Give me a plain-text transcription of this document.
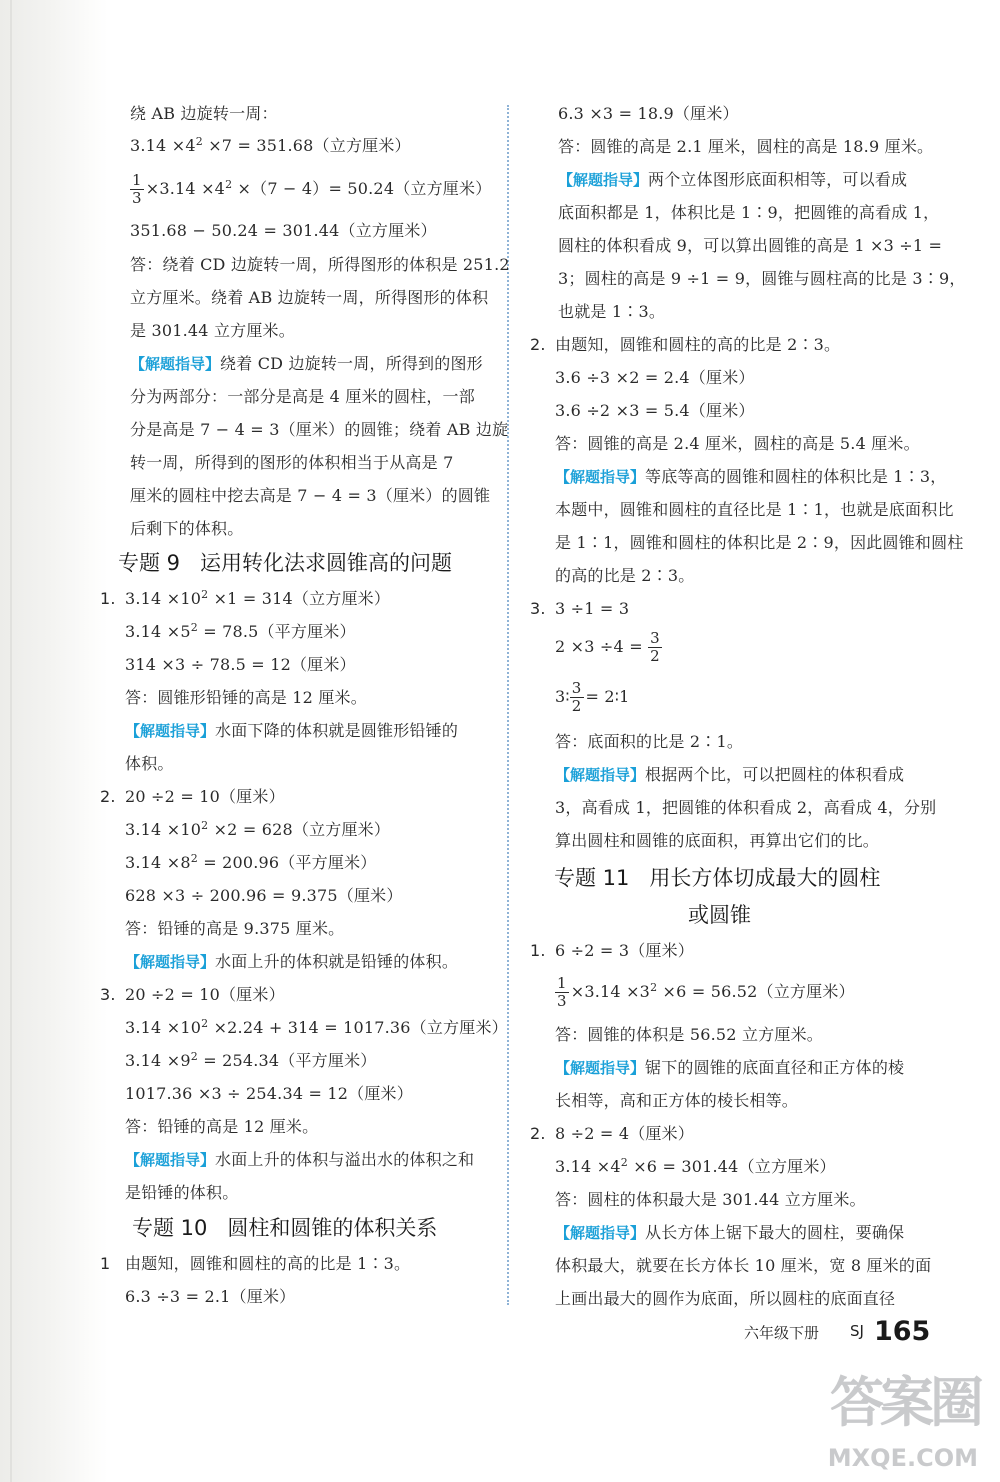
绕 AB 边旋转一周：
$3.14 \times 4^2 \times 7 = 351.68$（立方厘米）
$\frac{1}{3} \times 3.14 \times 4^2 \times(7 - 4)= 50.24$（立方厘米）
351.68 − 50.24 = 301.44（立方厘米）
答：绕着 CD 边旋转一周，所得图形的体积是 251.2
立方厘米。绕着 AB 边旋转一周，所得图形的体积
是 301.44 立方厘米。
【解题指导】绕着 CD 边旋转一周，所得到的图形
分为两部分：一部分是高是 4 厘米的圆柱，一部
分是高是 7 − 4 = 3（厘米）的圆锥；绕着 AB 边旋
转一周，所得到的图形的体积相当于从高是 7
厘米的圆柱中挖去高是 7 − 4 = 3（厘米）的圆锥
后剩下的体积。
专题 9 运用转化法求圆锥高的问题
1. $3.14 \times 10^2 \times 1 = 314$（立方厘米）
$3.14 \times 5^2 = 78.5$（平方厘米）
314 ×3 ÷ 78.5 = 12（厘米）
答：圆锥形铅锤的高是 12 厘米。
【解题指导】水面下降的体积就是圆锥形铅锤的
体积。
2. 20 ÷2 = 10（厘米）
$3.14 \times 10^2 \times 2 = 628$（立方厘米）
$3.14 \times 8^2 = 200.96$（平方厘米）
628 ×3 ÷ 200.96 = 9.375（厘米）
答：铅锤的高是 9.375 厘米。
【解题指导】水面上升的体积就是铅锤的体积。
3. 20 ÷2 = 10（厘米）
$3.14 \times 10^2 \times 2.24 + 314 = 1017.36$（立方厘米）
$3.14 \times 9^2 = 254.34$（平方厘米）
1017.36 ×3 ÷ 254.34 = 12（厘米）
答：铅锤的高是 12 厘米。
【解题指导】水面上升的体积与溢出水的体积之和
是铅锤的体积。
专题 10 圆柱和圆锥的体积关系
1 由题知，圆锥和圆柱的高的比是 1∶3。
6.3 ÷3 = 2.1（厘米）
6.3 ×3 = 18.9（厘米）
答：圆锥的高是 2.1 厘米，圆柱的高是 18.9 厘米。
【解题指导】两个立体图形底面积相等，可以看成
底面积都是 1，体积比是 1∶9，把圆锥的高看成 1，
圆柱的体积看成 9，可以算出圆锥的高是 1 ×3 ÷1 =
3；圆柱的高是 9 ÷1 = 9，圆锥与圆柱高的比是 3∶9，
也就是 1∶3。
2. 由题知，圆锥和圆柱的高的比是 2∶3。
3.6 ÷3 ×2 = 2.4（厘米）
3.6 ÷2 ×3 = 5.4（厘米）
答：圆锥的高是 2.4 厘米，圆柱的高是 5.4 厘米。
【解题指导】等底等高的圆锥和圆柱的体积比是 1∶3，
本题中，圆锥和圆柱的直径比是 1∶1，也就是底面积比
是 1∶1，圆锥和圆柱的体积比是 2∶9，因此圆锥和圆柱
的高的比是 2∶3。
3. 3 ÷1 = 3
$2 \times 3 \div 4 = \frac{3}{2}$
3∶ $\frac{3}{2}$ = 2∶1
答：底面积的比是 2∶1。
【解题指导】根据两个比，可以把圆柱的体积看成
3，高看成 1，把圆锥的体积看成 2，高看成 4，分别
算出圆柱和圆锥的底面积，再算出它们的比。
专题 11 用长方体切成最大的圆柱
或圆锥
1. 6 ÷2 = 3（厘米）
$\frac{1}{3} \times 3.14 \times 3^2 \times 6 = 56.52$（立方厘米）
答：圆锥的体积是 56.52 立方厘米。
【解题指导】锯下的圆锥的底面直径和正方体的棱
长相等，高和正方体的棱长相等。
2. 8 ÷2 = 4（厘米）
$3.14 \times 4^2 \times 6 = 301.44$（立方厘米）
答：圆柱的体积最大是 301.44 立方厘米。
【解题指导】从长方体上锯下最大的圆柱，要确保
体积最大，就要在长方体长 10 厘米，宽 8 厘米的面
上画出最大的圆作为底面，所以圆柱的底面直径
六年级下册 SJ 165
答案圈
MXQE.COM
